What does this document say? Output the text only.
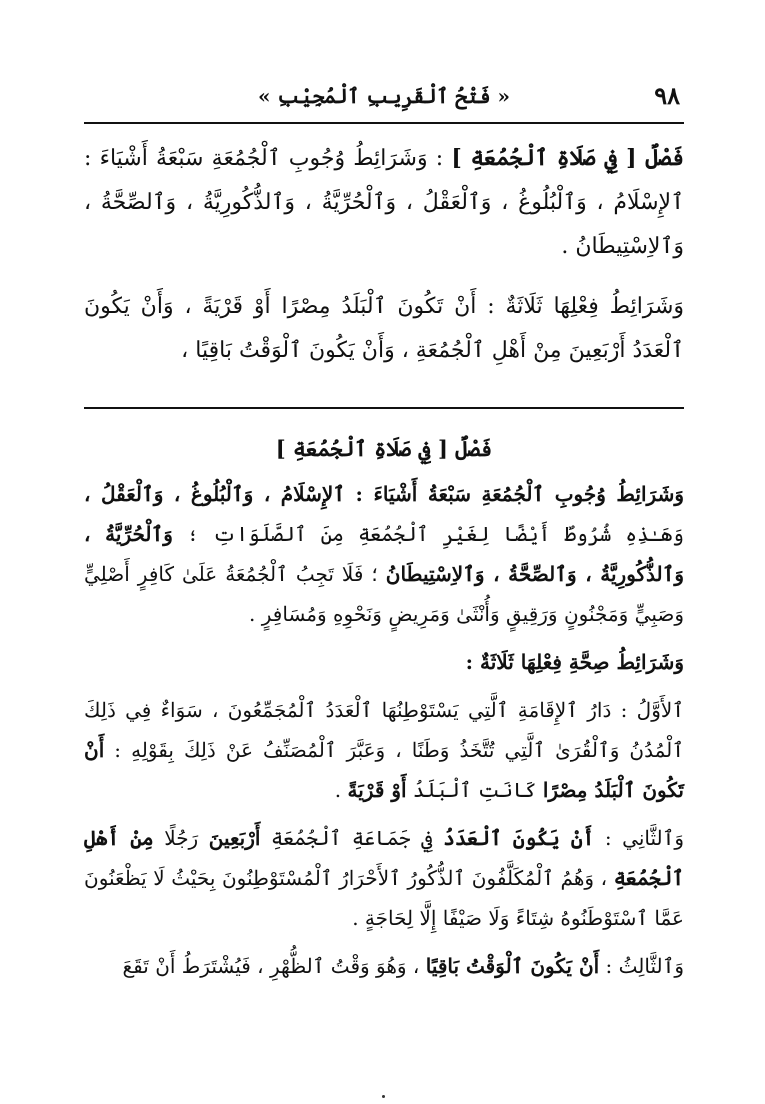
٩٨
« فَتْحُ ٱلْقَرِيبِ ٱلْمُجِيْبِ »

فَصْلٌ [ فِي صَلَاةِ ٱلْجُمُعَةِ ] : وَشَرَائِطُ وُجُوبِ ٱلْجُمُعَةِ سَبْعَةُ أَشْيَاءَ : ٱلإِسْلَامُ ، وَٱلْبُلُوغُ ، وَٱلْعَقْلُ ، وَٱلْحُرِّيَّةُ ، وَٱلذُّكُورِيَّةُ ، وَٱلصِّحَّةُ ، وَٱلاِسْتِيطَانُ .

وَشَرَائِطُ فِعْلِهَا ثَلَاثَةٌ : أَنْ تَكُونَ ٱلْبَلَدُ مِصْرًا أَوْ قَرْيَةً ، وَأَنْ يَكُونَ ٱلْعَدَدُ أَرْبَعِينَ مِنْ أَهْلِ ٱلْجُمُعَةِ ، وَأَنْ يَكُونَ ٱلْوَقْتُ بَاقِيًا ،

فَصْلٌ [ فِي صَلَاةِ ٱلْجُمُعَةِ ]

وَشَرَائِطُ وُجُوبِ ٱلْجُمُعَةِ سَبْعَةُ أَشْيَاءَ : ٱلإِسْلَامُ ، وَٱلْبُلُوغُ ، وَٱلْعَقْلُ ، وَهَـٰذِهِ شُرُوطٌ أَيْضًا لِغَيْرِ ٱلْجُمُعَةِ مِنَ ٱلصَّلَوَاتِ ؛ وَٱلْحُرِّيَّةُ ، وَٱلذُّكُورِيَّةُ ، وَٱلصِّحَّةُ ، وَٱلاِسْتِيطَانُ ؛ فَلَا تَجِبُ ٱلْجُمُعَةُ عَلَىٰ كَافِرٍ أَصْلِيٍّ وَصَبِيٍّ وَمَجْنُونٍ وَرَقِيقٍ وَأُنْثَىٰ وَمَرِيضٍ وَنَحْوِهِ وَمُسَافِرٍ .

وَشَرَائِطُ صِحَّةِ فِعْلِهَا ثَلَاثَةٌ :

ٱلأَوَّلُ : دَارُ ٱلإِقَامَةِ ٱلَّتِي يَسْتَوْطِنُهَا ٱلْعَدَدُ ٱلْمُجَمِّعُونَ ، سَوَاءٌ فِي ذَلِكَ ٱلْمُدُنُ وَٱلْقُرَىٰ ٱلَّتِي تُتَّخَذُ وَطَنًا ، وَعَبَّرَ ٱلْمُصَنِّفُ عَنْ ذَلِكَ بِقَوْلِهِ : أَنْ تَكُونَ ٱلْبَلَدُ مِصْرًا كَانَتِ ٱلْبَلَدُ أَوْ قَرْيَةً .

وَٱلثَّانِي : أَنْ يَكُونَ ٱلْعَدَدُ فِي جَمَاعَةِ ٱلْجُمُعَةِ أَرْبَعِينَ رَجُلًا مِنْ أَهْلِ ٱلْجُمُعَةِ ، وَهُمُ ٱلْمُكَلَّفُونَ ٱلذُّكُورُ ٱلأَحْرَارُ ٱلْمُسْتَوْطِنُونَ بِحَيْثُ لَا يَظْعَنُونَ عَمَّا ٱسْتَوْطَنُوهُ شِتَاءً وَلَا صَيْفًا إِلَّا لِحَاجَةٍ .

وَٱلثَّالِثُ : أَنْ يَكُونَ ٱلْوَقْتُ بَاقِيًا ، وَهُوَ وَقْتُ ٱلظُّهْرِ ، فَيُشْتَرَطُ أَنْ تَقَعَ
